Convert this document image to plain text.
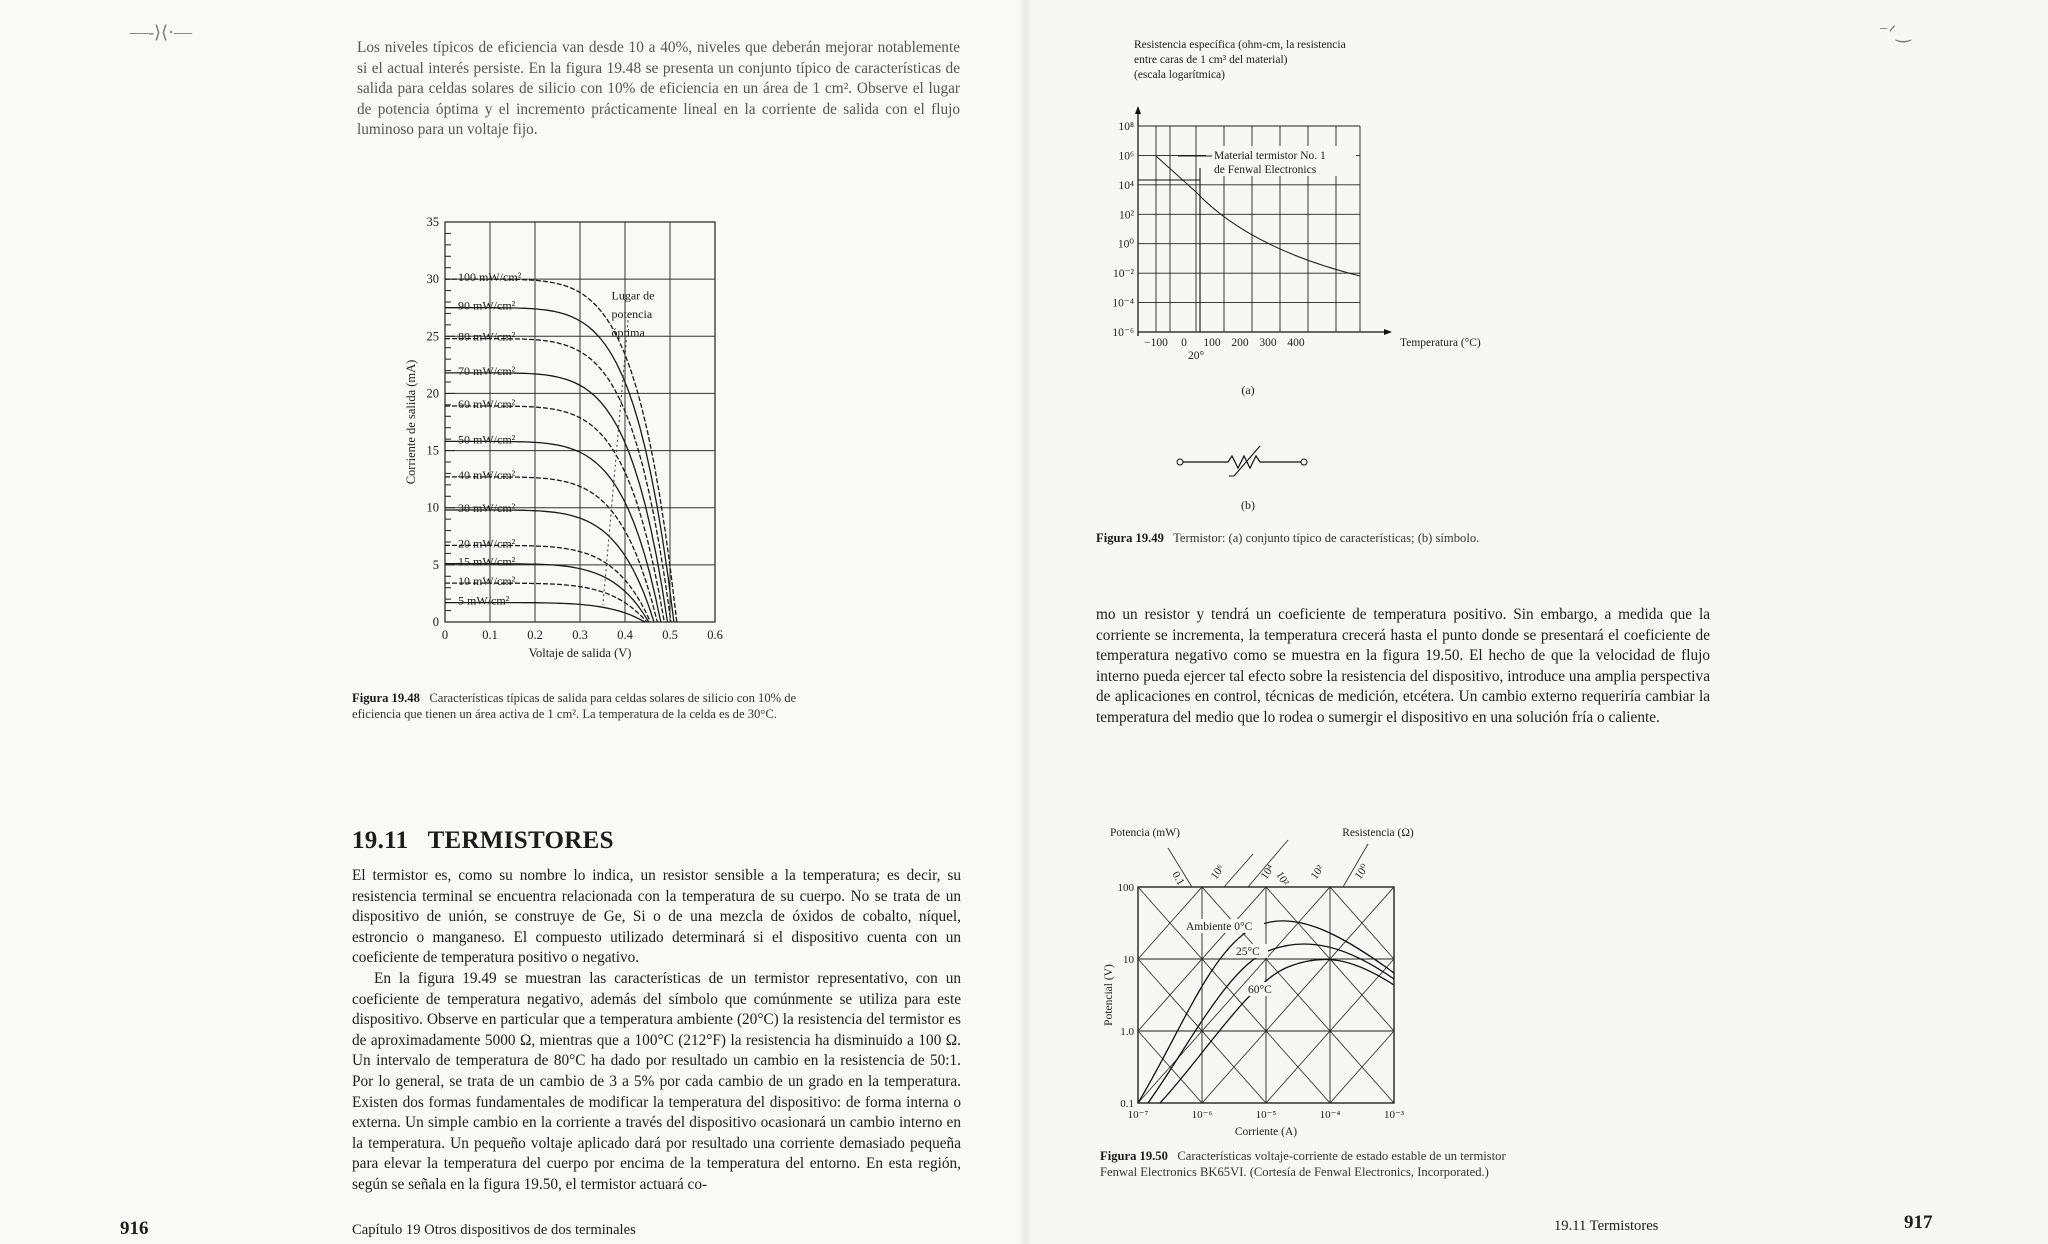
—‑⟩⟨·—

Los niveles típicos de eficiencia van desde 10 a 40%, niveles que deberán mejorar notablemente si el actual interés persiste. En la figura 19.48 se presenta un conjunto típico de características de salida para celdas solares de silicio con 10% de eficiencia en un área de 1 cm². Observe el lugar de potencia óptima y el incremento prácticamente lineal en la corriente de salida con el flujo luminoso para un voltaje fijo.

0	0.1 0.2 0.3 0.4 0.5 0.6
0
5
10
15
20
25
30
35
Voltaje de salida (V)
Corriente de salida (mA)
100 mW/cm²
90 mW/cm²
80 mW/cm²
70 mW/cm²
60 mW/cm²
50 mW/cm²
40 mW/cm²
30 mW/cm²
20 mW/cm²
15 mW/cm²
10 mW/cm²
5 mW/cm²
Lugar de
potencia
óptima

Figura 19.48 Características típicas de salida para celdas solares de silicio con 10% de eficiencia que tienen un área activa de 1 cm². La temperatura de la celda es de 30°C.

19.11 TERMISTORES

El termistor es, como su nombre lo indica, un resistor sensible a la temperatura; es decir, su resistencia terminal se encuentra relacionada con la temperatura de su cuerpo. No se trata de un dispositivo de unión, se construye de Ge, Si o de una mezcla de óxidos de cobalto, níquel, estroncio o manganeso. El compuesto utilizado determinará si el dispositivo cuenta con un coeficiente de temperatura positivo o negativo.

En la figura 19.49 se muestran las características de un termistor representativo, con un coeficiente de temperatura negativo, además del símbolo que comúnmente se utiliza para este dispositivo. Observe en particular que a temperatura ambiente (20°C) la resistencia del termistor es de aproximadamente 5000 Ω, mientras que a 100°C (212°F) la resistencia ha disminuido a 100 Ω. Un intervalo de temperatura de 80°C ha dado por resultado un cambio en la resistencia de 50:1. Por lo general, se trata de un cambio de 3 a 5% por cada cambio de un grado en la temperatura. Existen dos formas fundamentales de modificar la temperatura del dispositivo: de forma interna o externa. Un simple cambio en la corriente a través del dispositivo ocasionará un cambio interno en la temperatura. Un pequeño voltaje aplicado dará por resultado una corriente demasiado pequeña para elevar la temperatura del cuerpo por encima de la temperatura del entorno. En esta región, según se señala en la figura 19.50, el termistor actuará co-

916	Capítulo 19 Otros dispositivos de dos terminales
⁻ᐟ‿
Resistencia específica (ohm-cm, la resistencia
entre caras de 1 cm³ del material)
(escala logarítmica)
10⁸
10⁶
10⁴
10²
10⁰
10⁻²
10⁻⁴
10⁻⁶
−100 0 100 200 300 400
20°
Temperatura (°C)
Material termistor No. 1
de Fenwal Electronics
(a)
(b)

Figura 19.49 Termistor: (a) conjunto típico de características; (b) símbolo.

mo un resistor y tendrá un coeficiente de temperatura positivo. Sin embargo, a medida que la corriente se incrementa, la temperatura crecerá hasta el punto donde se presentará el coeficiente de temperatura negativo como se muestra en la figura 19.50. El hecho de que la velocidad de flujo interno pueda ejercer tal efecto sobre la resistencia del dispositivo, introduce una amplia perspectiva de aplicaciones en control, técnicas de medición, etcétera. Un cambio externo requeriría cambiar la temperatura del medio que lo rodea o sumergir el dispositivo en una solución fría o caliente.

Potencia (mW)	Resistencia (Ω)
0.1	10²
10⁶	10⁴	10² 10⁰
10⁻⁷	10⁻⁶	10⁻⁵	10⁻⁴	10⁻³
0.1
1.0
10
100
Corriente (A)
Potencial (V)
Ambiente 0°C
25°C
60°C

Figura 19.50 Características voltaje-corriente de estado estable de un termistor
Fenwal Electronics BK65VI. (Cortesía de Fenwal Electronics, Incorporated.)

19.11 Termistores	917
